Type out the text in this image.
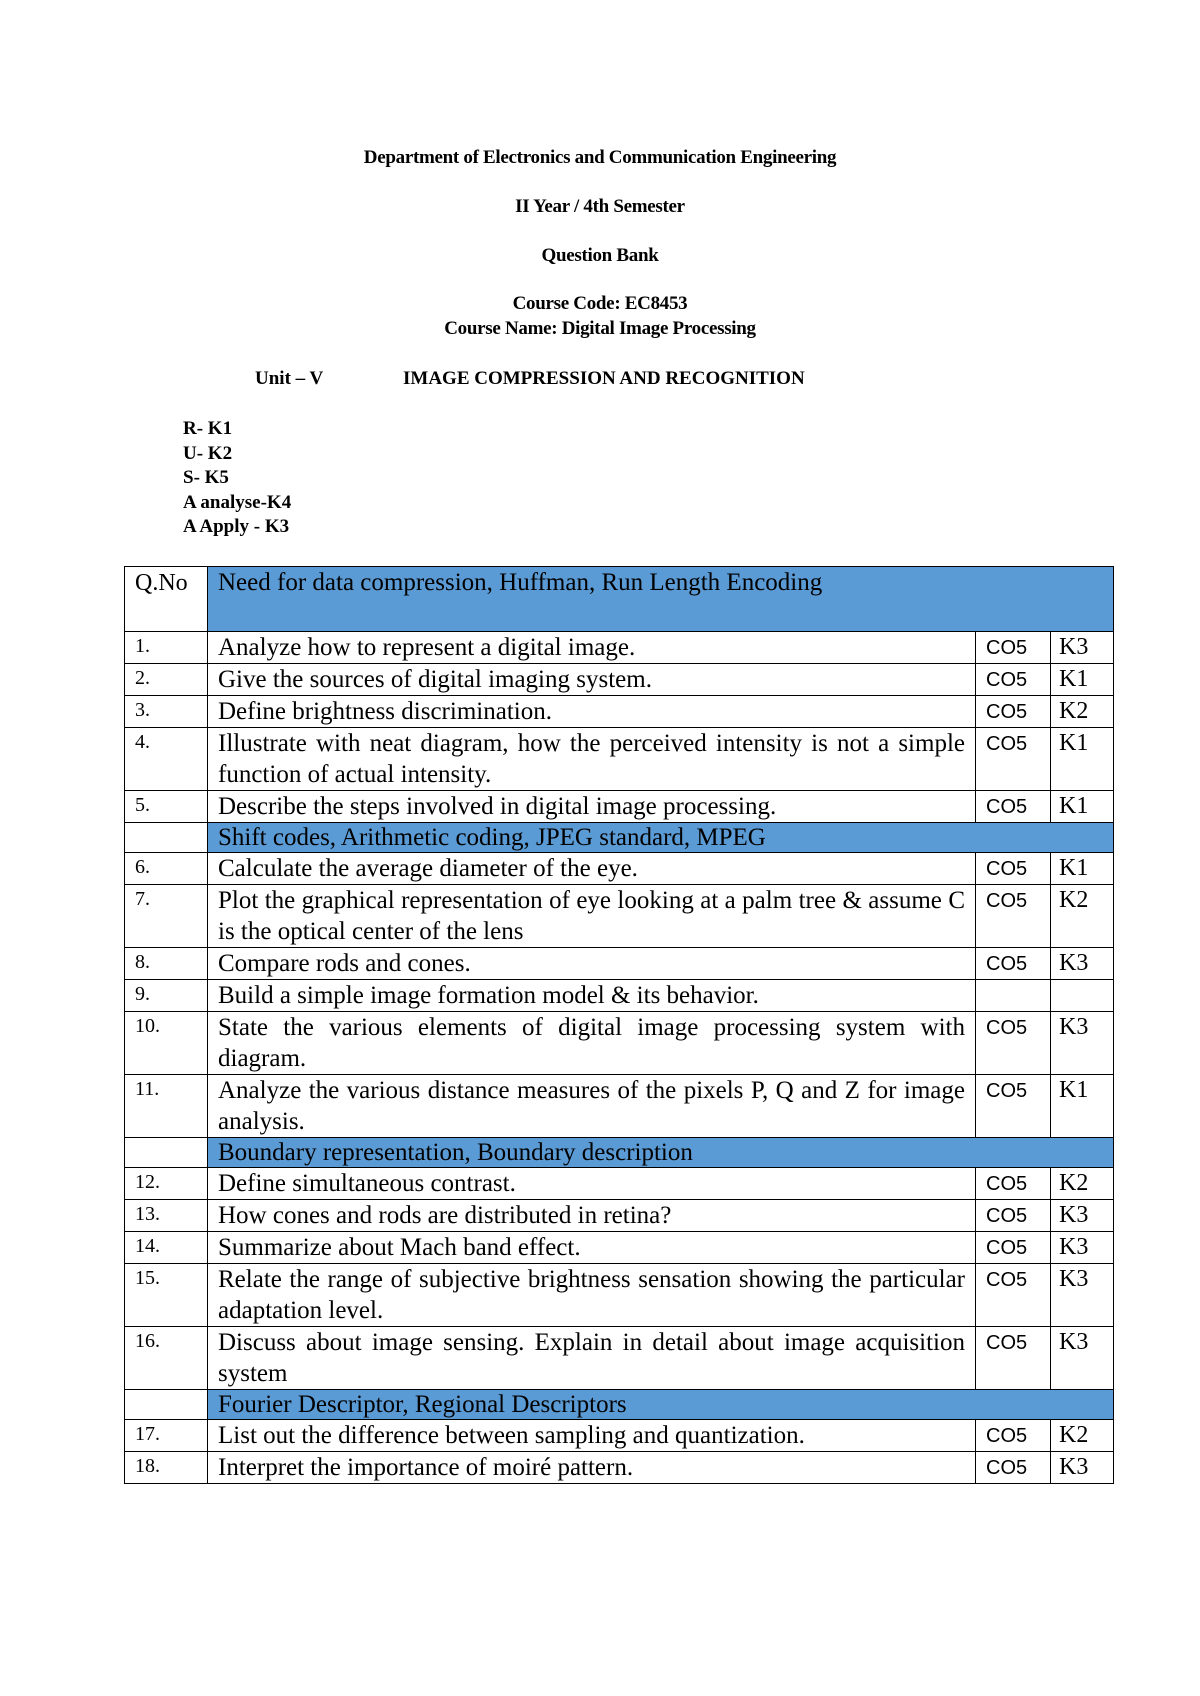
Department of Electronics and Communication Engineering
II Year / 4th Semester
Question Bank
Course Code: EC8453
Course Name: Digital Image Processing
Unit – V	IMAGE COMPRESSION AND RECOGNITION
R- K1
U- K2
S- K5
A analyse-K4
A Apply - K3
Q.No	Need for data compression, Huffman, Run Length Encoding		
1.	Analyze how to represent a digital image.	CO5	K3
2.	Give the sources of digital imaging system.	CO5	K1
3.	Define brightness discrimination.	CO5	K2
4.	Illustrate with neat diagram, how the perceived intensity is not a simple function of actual intensity.	CO5	K1
5.	Describe the steps involved in digital image processing.	CO5	K1
	Shift codes, Arithmetic coding, JPEG standard, MPEG		
6.	Calculate the average diameter of the eye.	CO5	K1
7.	Plot the graphical representation of eye looking at a palm tree & assume C is the optical center of the lens	CO5	K2
8.	Compare rods and cones.	CO5	K3
9.	Build a simple image formation model & its behavior.		
10.	State the various elements of digital image processing system with diagram.	CO5	K3
11.	Analyze the various distance measures of the pixels P, Q and Z for image analysis.	CO5	K1
	Boundary representation, Boundary description		
12.	Define simultaneous contrast.	CO5	K2
13.	How cones and rods are distributed in retina?	CO5	K3
14.	Summarize about Mach band effect.	CO5	K3
15.	Relate the range of subjective brightness sensation showing the particular adaptation level.	CO5	K3
16.	Discuss about image sensing. Explain in detail about image acquisition system	CO5	K3
	Fourier Descriptor, Regional Descriptors		
17.	List out the difference between sampling and quantization.	CO5	K2
18.	Interpret the importance of moiré pattern.	CO5	K3
